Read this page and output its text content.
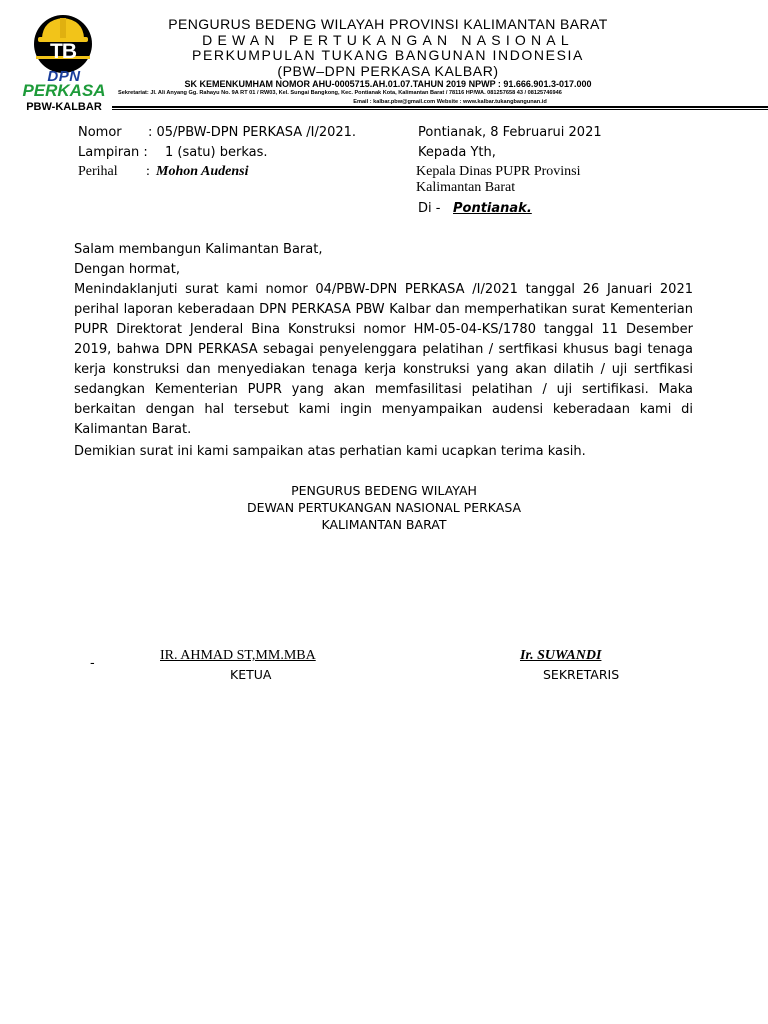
TB
DPN
PERKASA
PBW-KALBAR
PENGURUS BEDENG WILAYAH PROVINSI KALIMANTAN BARAT
DEWAN PERTUKANGAN NASIONAL
PERKUMPULAN TUKANG BANGUNAN INDONESIA
(PBW–DPN PERKASA KALBAR)
SK KEMENKUMHAM NOMOR AHU-0005715.AH.01.07.TAHUN 2019 NPWP : 91.666.901.3-017.000
Sekretariat: Jl. Ali Anyang Gg. Rahayu No. 9A RT 01 / RW03, Kel. Sungai Bangkong, Kec. Pontianak Kota, Kalimantan Barat / 78116 HP/WA. 081257658 43 / 08125746946
Email : kalbar.pbw@gmail.com Website : www.kalbar.tukangbangunan.id
Nomor : 05/PBW-DPN PERKASA /I/2021.
Lampiran : 1 (satu) berkas.
Perihal : Mohon Audensi
Pontianak, 8 Februarui 2021
Kepada Yth,
Kepala Dinas PUPR Provinsi
Kalimantan Barat
Di - Pontianak.

Salam membangun Kalimantan Barat,

Dengan hormat,

Menindaklanjuti surat kami nomor 04/PBW-DPN PERKASA /I/2021 tanggal 26 Januari 2021 perihal laporan keberadaan DPN PERKASA PBW Kalbar dan memperhatikan surat Kementerian PUPR Direktorat Jenderal Bina Konstruksi nomor HM-05-04-KS/1780 tanggal 11 Desember 2019, bahwa DPN PERKASA sebagai penyelenggara pelatihan / sertfikasi khusus bagi tenaga kerja konstruksi dan menyediakan tenaga kerja konstruksi yang akan dilatih / uji sertfikasi sedangkan Kementerian PUPR yang akan memfasilitasi pelatihan / uji sertifikasi. Maka berkaitan dengan hal tersebut kami ingin menyampaikan audensi keberadaan kami di Kalimantan Barat.

Demikian surat ini kami sampaikan atas perhatian kami ucapkan terima kasih.

PENGURUS BEDENG WILAYAH
DEWAN PERTUKANGAN NASIONAL PERKASA
KALIMANTAN BARAT
-
IR. AHMAD ST,MM.MBA
KETUA
Ir. SUWANDI
SEKRETARIS
